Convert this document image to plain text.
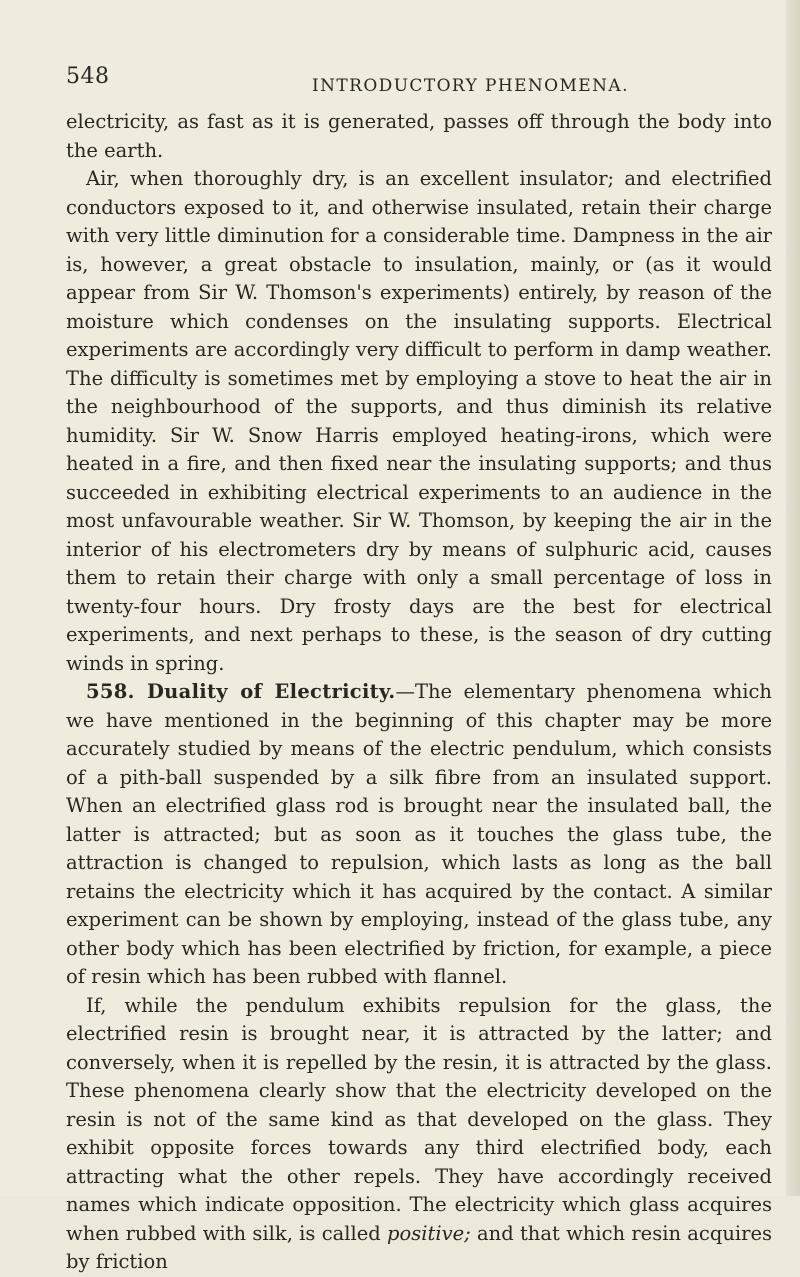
548	INTRODUCTORY PHENOMENA.

electricity, as fast as it is generated, passes off through the body into the earth.

Air, when thoroughly dry, is an excellent insulator; and electrified conductors exposed to it, and otherwise insulated, retain their charge with very little diminution for a considerable time. Dampness in the air is, however, a great obstacle to insulation, mainly, or (as it would appear from Sir W. Thomson's experiments) entirely, by reason of the moisture which condenses on the insulating supports. Electrical experiments are accordingly very difficult to perform in damp weather. The difficulty is sometimes met by employing a stove to heat the air in the neighbourhood of the supports, and thus diminish its relative humidity. Sir W. Snow Harris employed heating-irons, which were heated in a fire, and then fixed near the insulating supports; and thus succeeded in exhibiting electrical experiments to an audience in the most unfavourable weather. Sir W. Thomson, by keeping the air in the interior of his electrometers dry by means of sulphuric acid, causes them to retain their charge with only a small percentage of loss in twenty-four hours. Dry frosty days are the best for electrical experiments, and next perhaps to these, is the season of dry cutting winds in spring.

558. Duality of Electricity.—The elementary phenomena which we have mentioned in the beginning of this chapter may be more accurately studied by means of the electric pendulum, which consists of a pith-ball suspended by a silk fibre from an insulated support. When an electrified glass rod is brought near the insulated ball, the latter is attracted; but as soon as it touches the glass tube, the attraction is changed to repulsion, which lasts as long as the ball retains the electricity which it has acquired by the contact. A similar experiment can be shown by employing, instead of the glass tube, any other body which has been electrified by friction, for example, a piece of resin which has been rubbed with flannel.

If, while the pendulum exhibits repulsion for the glass, the electrified resin is brought near, it is attracted by the latter; and conversely, when it is repelled by the resin, it is attracted by the glass. These phenomena clearly show that the electricity developed on the resin is not of the same kind as that developed on the glass. They exhibit opposite forces towards any third electrified body, each attracting what the other repels. They have accordingly received names which indicate opposition. The electricity which glass acquires when rubbed with silk, is called positive; and that which resin acquires by friction
